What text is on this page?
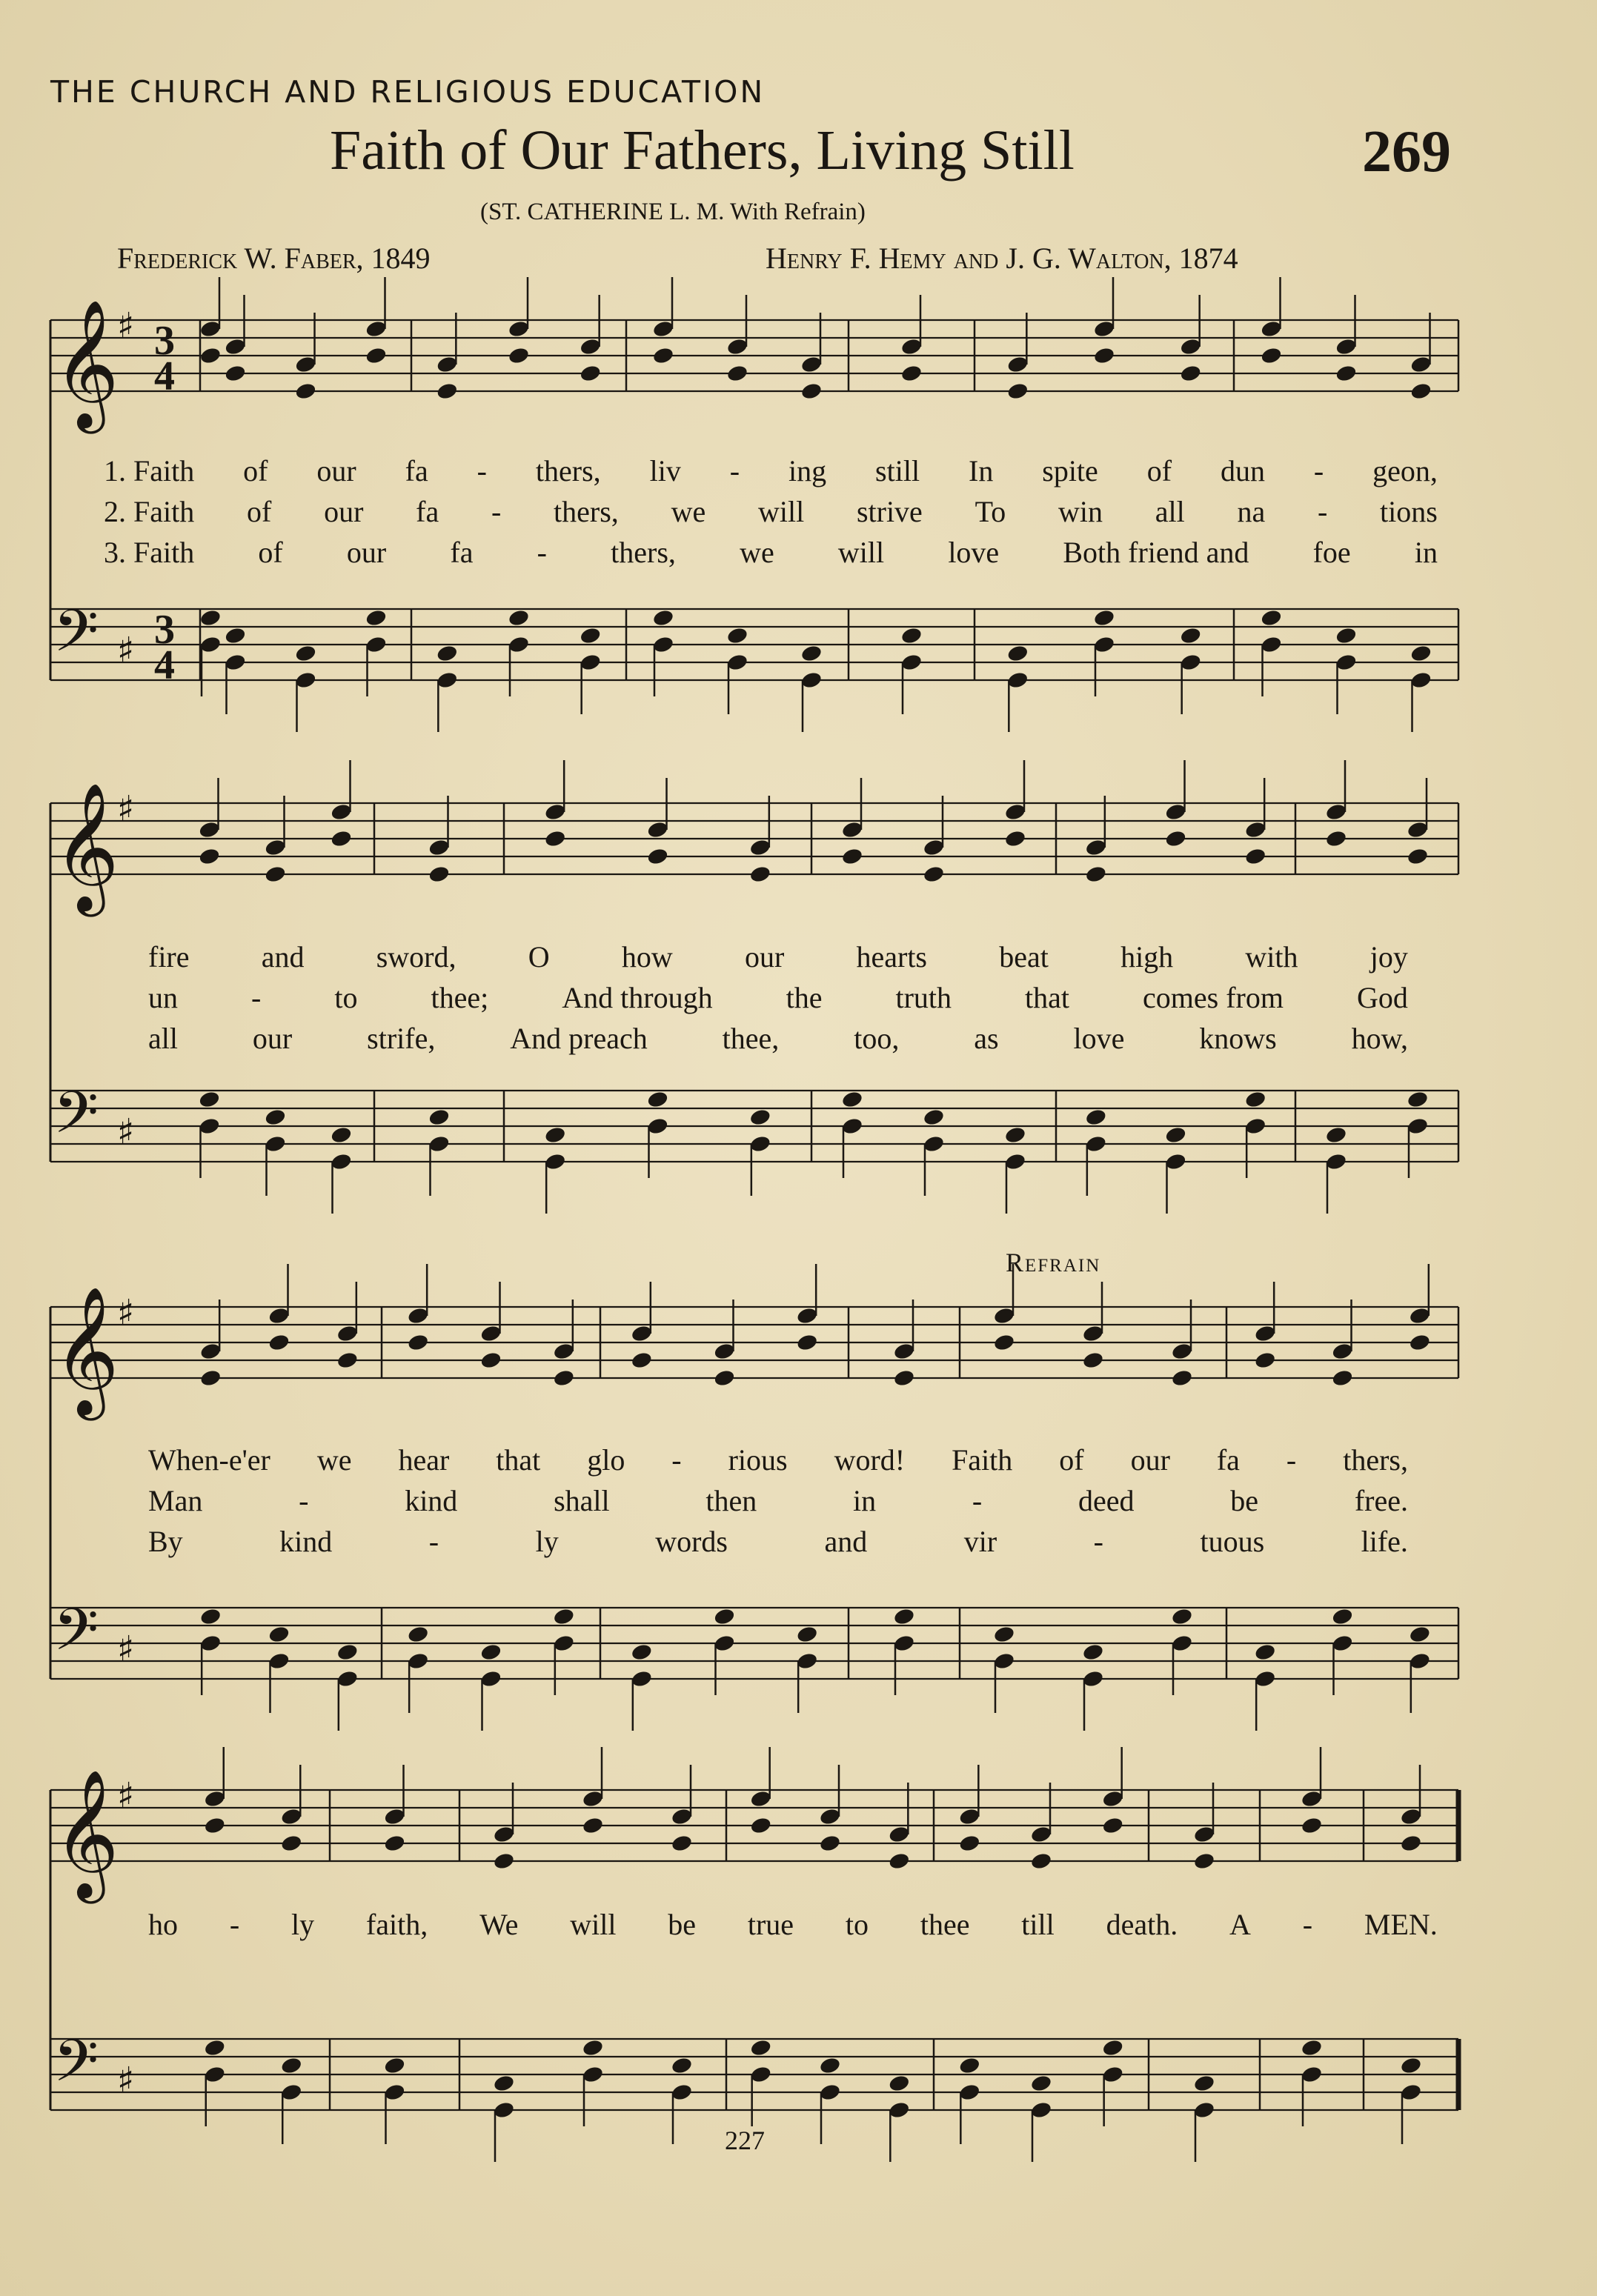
THE CHURCH AND RELIGIOUS EDUCATION
Faith of Our Fathers, Living Still	269
(ST. CATHERINE L. M. With Refrain)
Frederick W. Faber, 1849	Henry F. Hemy and J. G. Walton, 1874
Refrain
227
𝄞
♯ 3
4
𝄢 ♯ 3
4
𝄞
♯
𝄢 ♯
𝄞
♯
𝄢 ♯
𝄞
♯
𝄢 ♯
1. Faith of our fa - thers, liv - ing still In spite of dun - geon,
2. Faith of our fa - thers, we will strive To win all na - tions
3. Faith of our fa - thers, we will love Both friend and foe in
fire and sword, O how our hearts beat high with joy
un - to thee; And through the truth that comes from God
all	our	strife,	And preach	thee,	too,	as	love	knows	how,
When-e'er we hear that glo - rious word! Faith of our fa - thers,
Man	-	kind	shall	then	in	-	deed	be	free.
By	kind	-	ly	words	and	vir	-	tuous	life.
ho - ly faith, We will be true to thee till death. A - MEN.
